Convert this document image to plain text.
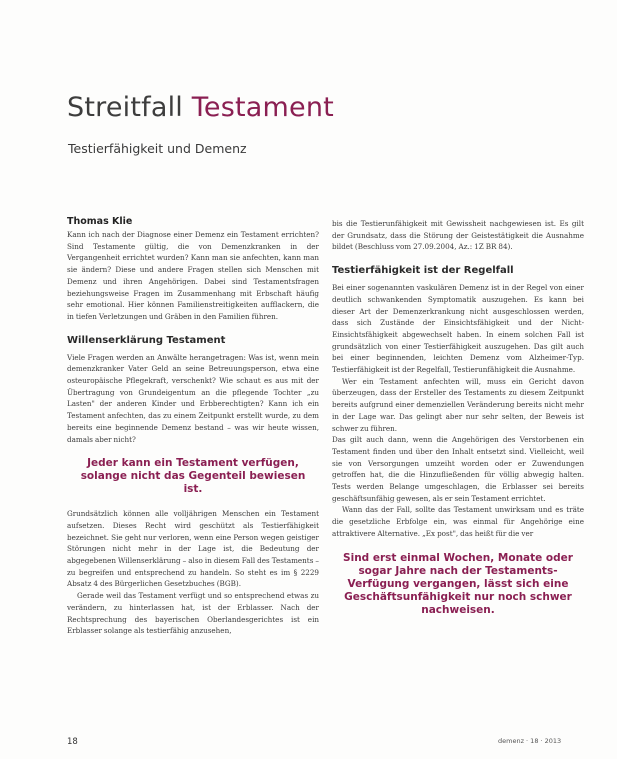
Streitfall Testament

Testierfähigkeit und Demenz

Thomas Klie

Kann ich nach der Diagnose einer Demenz ein Testament errichten? Sind Testamente gültig, die von Demenzkranken in der Vergangenheit errichtet wurden? Kann man sie anfechten, kann man sie ändern? Diese und andere Fragen stellen sich Menschen mit Demenz und ihren Angehörigen. Dabei sind Testamentsfragen beziehungsweise Fragen im Zusammenhang mit Erbschaft häufig sehr emotional. Hier können Familienstreitigkeiten aufflackern, die in tiefen Verletzungen und Gräben in den Familien führen.

Willenserklärung Testament

Viele Fragen werden an Anwälte herangetragen: Was ist, wenn mein demenzkranker Vater Geld an seine Betreuungsperson, etwa eine osteuropäische Pflegekraft, verschenkt? Wie schaut es aus mit der Übertragung von Grundeigentum an die pflegende Tochter „zu Lasten" der anderen Kinder und Erbberechtigten? Kann ich ein Testament anfechten, das zu einem Zeitpunkt erstellt wurde, zu dem bereits eine beginnende Demenz bestand – was wir heute wissen, damals aber nicht?

Jeder kann ein Testament verfügen, solange nicht das Gegenteil bewiesen ist.

Grundsätzlich können alle volljährigen Menschen ein Testament aufsetzen. Dieses Recht wird geschützt als Testierfähigkeit bezeichnet. Sie geht nur verloren, wenn eine Person wegen geistiger Störungen nicht mehr in der Lage ist, die Bedeutung der abgegebenen Willenserklärung – also in diesem Fall des Testaments – zu begreifen und entsprechend zu handeln. So steht es im § 2229 Absatz 4 des Bürgerlichen Gesetzbuches (BGB).

Gerade weil das Testament verfügt und so entsprechend etwas zu verändern, zu hinterlassen hat, ist der Erblasser. Nach der Rechtsprechung des bayerischen Oberlandesgerichtes ist ein Erblasser solange als testierfähig anzusehen,

bis die Testierunfähigkeit mit Gewissheit nachgewiesen ist. Es gilt der Grundsatz, dass die Störung der Geistestätigkeit die Ausnahme bildet (Beschluss vom 27.09.2004, Az.: 1Z BR 84).

Testierfähigkeit ist der Regelfall

Bei einer sogenannten vaskulären Demenz ist in der Regel von einer deutlich schwankenden Symptomatik auszugehen. Es kann bei dieser Art der Demenzerkrankung nicht ausgeschlossen werden, dass sich Zustände der Einsichtsfähigkeit und der Nicht-Einsichtsfähigkeit abgewechselt haben. In einem solchen Fall ist grundsätzlich von einer Testierfähigkeit auszugehen. Das gilt auch bei einer beginnenden, leichten Demenz vom Alzheimer-Typ. Testierfähigkeit ist der Regelfall, Testierunfähigkeit die Ausnahme.

Wer ein Testament anfechten will, muss ein Gericht davon überzeugen, dass der Ersteller des Testaments zu diesem Zeitpunkt bereits aufgrund einer demenziellen Veränderung bereits nicht mehr in der Lage war. Das gelingt aber nur sehr selten, der Beweis ist schwer zu führen.

Das gilt auch dann, wenn die Angehörigen des Verstorbenen ein Testament finden und über den Inhalt entsetzt sind. Vielleicht, weil sie von Versorgungen umzeiht worden oder er Zuwendungen getroffen hat, die die Hinzufließenden für völlig abwegig halten. Tests werden Belange umgeschlagen, die Erblasser sei bereits geschäftsunfähig gewesen, als er sein Testament errichtet.

Wann das der Fall, sollte das Testament unwirksam und es träte die gesetzliche Erbfolge ein, was einmal für Angehörige eine attraktivere Alternative. „Ex post", das heißt für die ver

Sind erst einmal Wochen, Monate oder sogar Jahre nach der Testaments-Verfügung vergangen, lässt sich eine Geschäftsunfähigkeit nur noch schwer nachweisen.

18	demenz · 18 · 2013
